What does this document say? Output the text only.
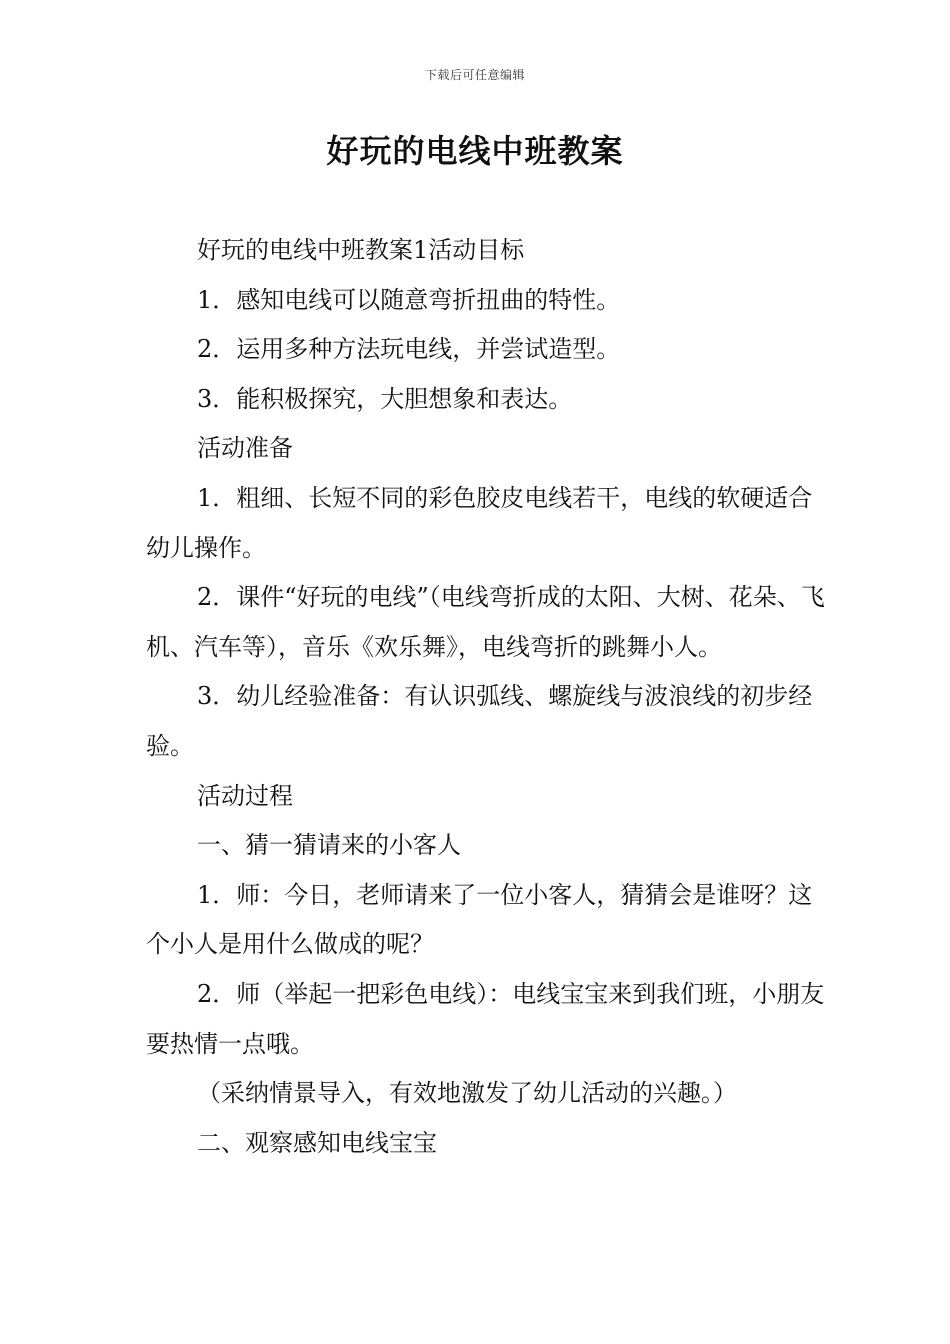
下载后可任意编辑
好玩的电线中班教案

好玩的电线中班教案1活动目标

1．感知电线可以随意弯折扭曲的特性。

2．运用多种方法玩电线，并尝试造型。

3．能积极探究，大胆想象和表达。

活动准备

1．粗细、长短不同的彩色胶皮电线若干，电线的软硬适合幼儿操作。

2．课件“好玩的电线”（电线弯折成的太阳、大树、花朵、飞机、汽车等），音乐《欢乐舞》，电线弯折的跳舞小人。

3．幼儿经验准备：有认识弧线、螺旋线与波浪线的初步经验。

活动过程

一、猜一猜请来的小客人

1．师：今日，老师请来了一位小客人，猜猜会是谁呀？这个小人是用什么做成的呢？

2．师（举起一把彩色电线）：电线宝宝来到我们班，小朋友要热情一点哦。

（采纳情景导入，有效地激发了幼儿活动的兴趣。）

二、观察感知电线宝宝
